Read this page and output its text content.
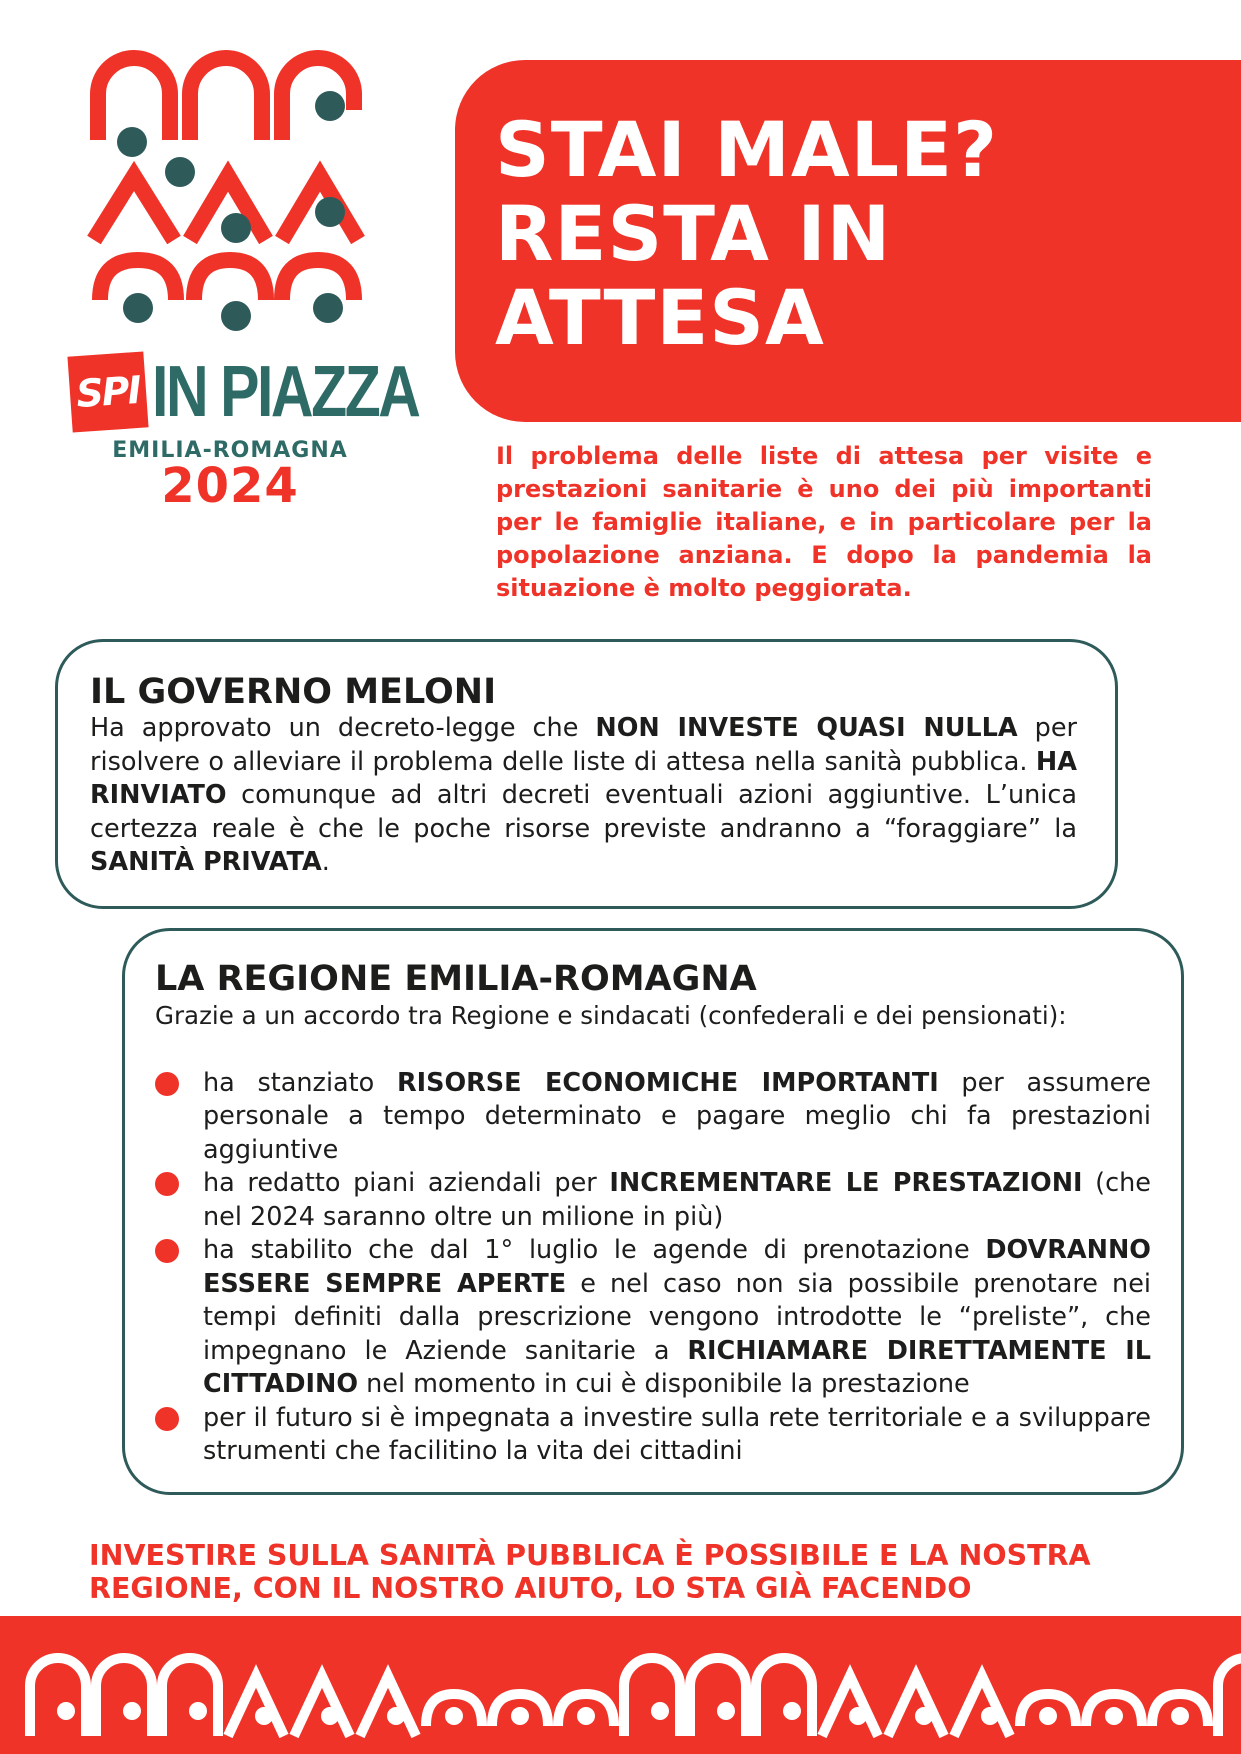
SPI IN PIAZZA
EMILIA-ROMAGNA
2024
STAI MALE?
RESTA IN
ATTESA

Il problema delle liste di attesa per visite e prestazioni sanitarie è uno dei più importanti per le famiglie italiane, e in particolare per la popolazione anziana. E dopo la pandemia la situazione è molto peggiorata.

IL GOVERNO MELONI

Ha approvato un decreto-legge che NON INVESTE QUASI NULLA per risolvere o alleviare il problema delle liste di attesa nella sanità pubblica. HA RINVIATO comunque ad altri decreti eventuali azioni aggiuntive. L’unica certezza reale è che le poche risorse previste andranno a “foraggiare” la SANITÀ PRIVATA.

LA REGIONE EMILIA-ROMAGNA

Grazie a un accordo tra Regione e sindacati (confederali e dei pensionati):

ha stanziato RISORSE ECONOMICHE IMPORTANTI per assumere personale a tempo determinato e pagare meglio chi fa prestazioni aggiuntive
ha redatto piani aziendali per INCREMENTARE LE PRESTAZIONI (che nel 2024 saranno oltre un milione in più)
ha stabilito che dal 1° luglio le agende di prenotazione DOVRANNO ESSERE SEMPRE APERTE e nel caso non sia possibile prenotare nei tempi definiti dalla prescrizione vengono introdotte le “preliste”, che impegnano le Aziende sanitarie a RICHIAMARE DIRETTAMENTE IL CITTADINO nel momento in cui è disponibile la prestazione
per il futuro si è impegnata a investire sulla rete territoriale e a sviluppare strumenti che facilitino la vita dei cittadini

INVESTIRE SULLA SANITÀ PUBBLICA È POSSIBILE E LA NOSTRA
REGIONE, CON IL NOSTRO AIUTO, LO STA GIÀ FACENDO
